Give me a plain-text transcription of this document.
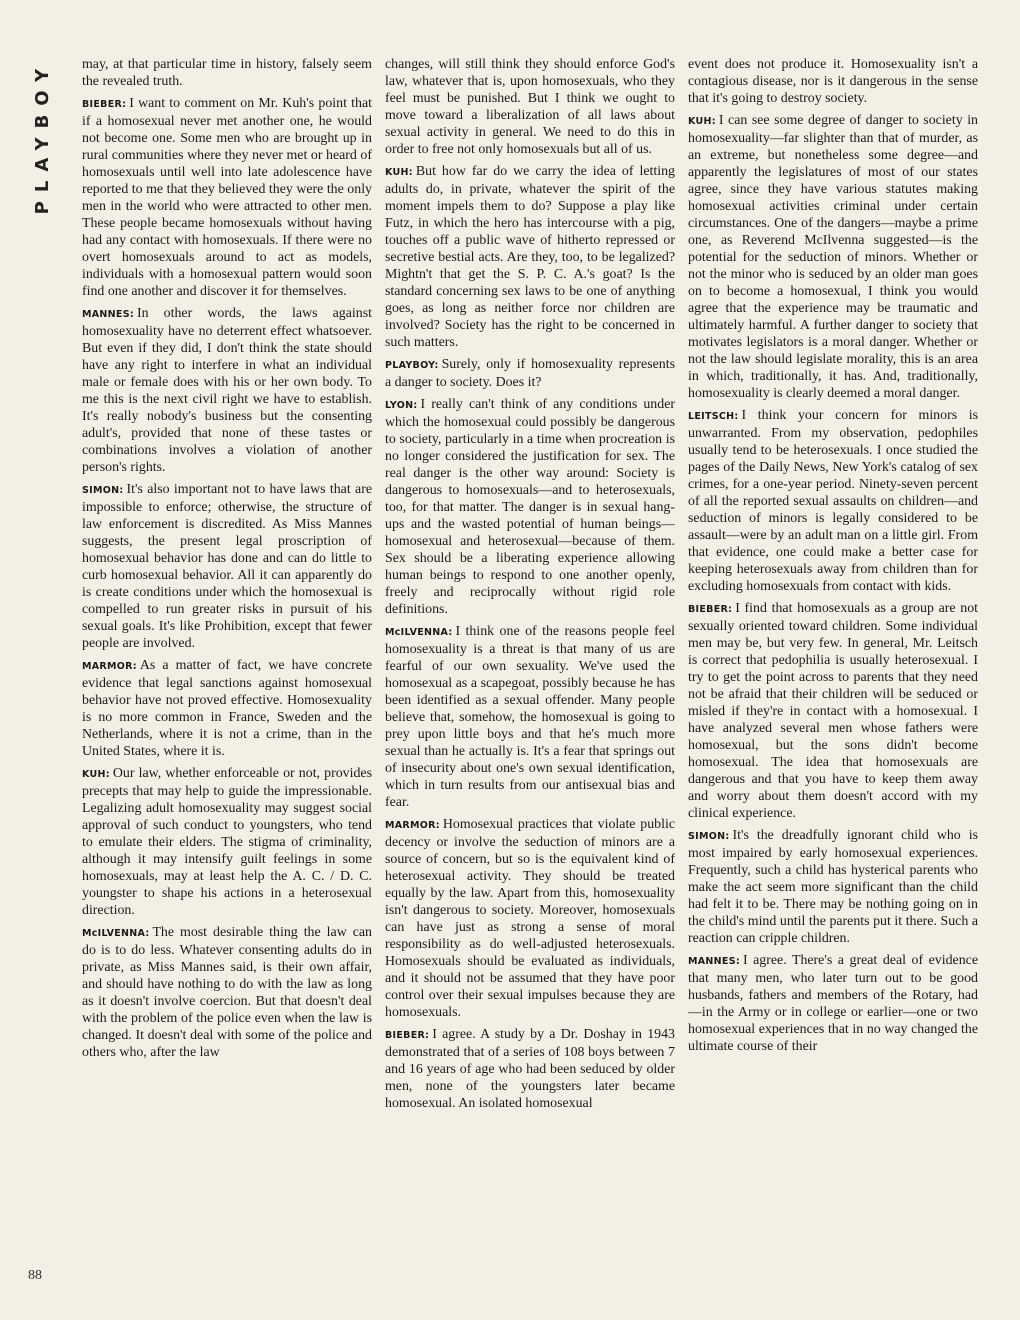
PLAYBOY may, at that particular time in history, falsely seem the revealed truth.

BIEBER: I want to comment on Mr. Kuh's point that if a homosexual never met another one, he would not become one. Some men who are brought up in rural communities where they never met or heard of homosexuals until well into late adolescence have reported to me that they believed they were the only men in the world who were attracted to other men. These people became homosexuals without having had any contact with homosexuals. If there were no overt homosexuals around to act as models, individuals with a homosexual pattern would soon find one another and discover it for themselves.

MANNES: In other words, the laws against homosexuality have no deterrent effect whatsoever. But even if they did, I don't think the state should have any right to interfere in what an individual male or female does with his or her own body. To me this is the next civil right we have to establish. It's really nobody's business but the consenting adult's, provided that none of these tastes or combinations involves a violation of another person's rights.

SIMON: It's also important not to have laws that are impossible to enforce; otherwise, the structure of law enforcement is discredited. As Miss Mannes suggests, the present legal proscription of homosexual behavior has done and can do little to curb homosexual behavior. All it can apparently do is create conditions under which the homosexual is compelled to run greater risks in pursuit of his sexual goals. It's like Prohibition, except that fewer people are involved.

MARMOR: As a matter of fact, we have concrete evidence that legal sanctions against homosexual behavior have not proved effective. Homosexuality is no more common in France, Sweden and the Netherlands, where it is not a crime, than in the United States, where it is.

KUH: Our law, whether enforceable or not, provides precepts that may help to guide the impressionable. Legalizing adult homosexuality may suggest social approval of such conduct to youngsters, who tend to emulate their elders. The stigma of criminality, although it may intensify guilt feelings in some homosexuals, may at least help the A. C. / D. C. youngster to shape his actions in a heterosexual direction.

McILVENNA: The most desirable thing the law can do is to do less. Whatever consenting adults do in private, as Miss Mannes said, is their own affair, and should have nothing to do with the law as long as it doesn't involve coercion. But that doesn't deal with the problem of the police even when the law is changed. It doesn't deal with some of the police and others who, after the law

changes, will still think they should enforce God's law, whatever that is, upon homosexuals, who they feel must be punished. But I think we ought to move toward a liberalization of all laws about sexual activity in general. We need to do this in order to free not only homosexuals but all of us.

KUH: But how far do we carry the idea of letting adults do, in private, whatever the spirit of the moment impels them to do? Suppose a play like Futz, in which the hero has intercourse with a pig, touches off a public wave of hitherto repressed or secretive bestial acts. Are they, too, to be legalized? Mightn't that get the S. P. C. A.'s goat? Is the standard concerning sex laws to be one of anything goes, as long as neither force nor children are involved? Society has the right to be concerned in such matters.

PLAYBOY: Surely, only if homosexuality represents a danger to society. Does it?

LYON: I really can't think of any conditions under which the homosexual could possibly be dangerous to society, particularly in a time when procreation is no longer considered the justification for sex. The real danger is the other way around: Society is dangerous to homosexuals—and to heterosexuals, too, for that matter. The danger is in sexual hang-ups and the wasted potential of human beings—homosexual and heterosexual—because of them. Sex should be a liberating experience allowing human beings to respond to one another openly, freely and reciprocally without rigid role definitions.

McILVENNA: I think one of the reasons people feel homosexuality is a threat is that many of us are fearful of our own sexuality. We've used the homosexual as a scapegoat, possibly because he has been identified as a sexual offender. Many people believe that, somehow, the homosexual is going to prey upon little boys and that he's much more sexual than he actually is. It's a fear that springs out of insecurity about one's own sexual identification, which in turn results from our antisexual bias and fear.

MARMOR: Homosexual practices that violate public decency or involve the seduction of minors are a source of concern, but so is the equivalent kind of heterosexual activity. They should be treated equally by the law. Apart from this, homosexuality isn't dangerous to society. Moreover, homosexuals can have just as strong a sense of moral responsibility as do well-adjusted heterosexuals. Homosexuals should be evaluated as individuals, and it should not be assumed that they have poor control over their sexual impulses because they are homosexuals.

BIEBER: I agree. A study by a Dr. Doshay in 1943 demonstrated that of a series of 108 boys between 7 and 16 years of age who had been seduced by older men, none of the youngsters later became homosexual. An isolated homosexual

event does not produce it. Homosexuality isn't a contagious disease, nor is it dangerous in the sense that it's going to destroy society.

KUH: I can see some degree of danger to society in homosexuality—far slighter than that of murder, as an extreme, but nonetheless some degree—and apparently the legislatures of most of our states agree, since they have various statutes making homosexual activities criminal under certain circumstances. One of the dangers—maybe a prime one, as Reverend McIlvenna suggested—is the potential for the seduction of minors. Whether or not the minor who is seduced by an older man goes on to become a homosexual, I think you would agree that the experience may be traumatic and ultimately harmful. A further danger to society that motivates legislators is a moral danger. Whether or not the law should legislate morality, this is an area in which, traditionally, it has. And, traditionally, homosexuality is clearly deemed a moral danger.

LEITSCH: I think your concern for minors is unwarranted. From my observation, pedophiles usually tend to be heterosexuals. I once studied the pages of the Daily News, New York's catalog of sex crimes, for a one-year period. Ninety-seven percent of all the reported sexual assaults on children—and seduction of minors is legally considered to be assault—were by an adult man on a little girl. From that evidence, one could make a better case for keeping heterosexuals away from children than for excluding homosexuals from contact with kids.

BIEBER: I find that homosexuals as a group are not sexually oriented toward children. Some individual men may be, but very few. In general, Mr. Leitsch is correct that pedophilia is usually heterosexual. I try to get the point across to parents that they need not be afraid that their children will be seduced or misled if they're in contact with a homosexual. I have analyzed several men whose fathers were homosexual, but the sons didn't become homosexual. The idea that homosexuals are dangerous and that you have to keep them away and worry about them doesn't accord with my clinical experience.

SIMON: It's the dreadfully ignorant child who is most impaired by early homosexual experiences. Frequently, such a child has hysterical parents who make the act seem more significant than the child had felt it to be. There may be nothing going on in the child's mind until the parents put it there. Such a reaction can cripple children.

MANNES: I agree. There's a great deal of evidence that many men, who later turn out to be good husbands, fathers and members of the Rotary, had—in the Army or in college or earlier—one or two homosexual experiences that in no way changed the ultimate course of their

88
